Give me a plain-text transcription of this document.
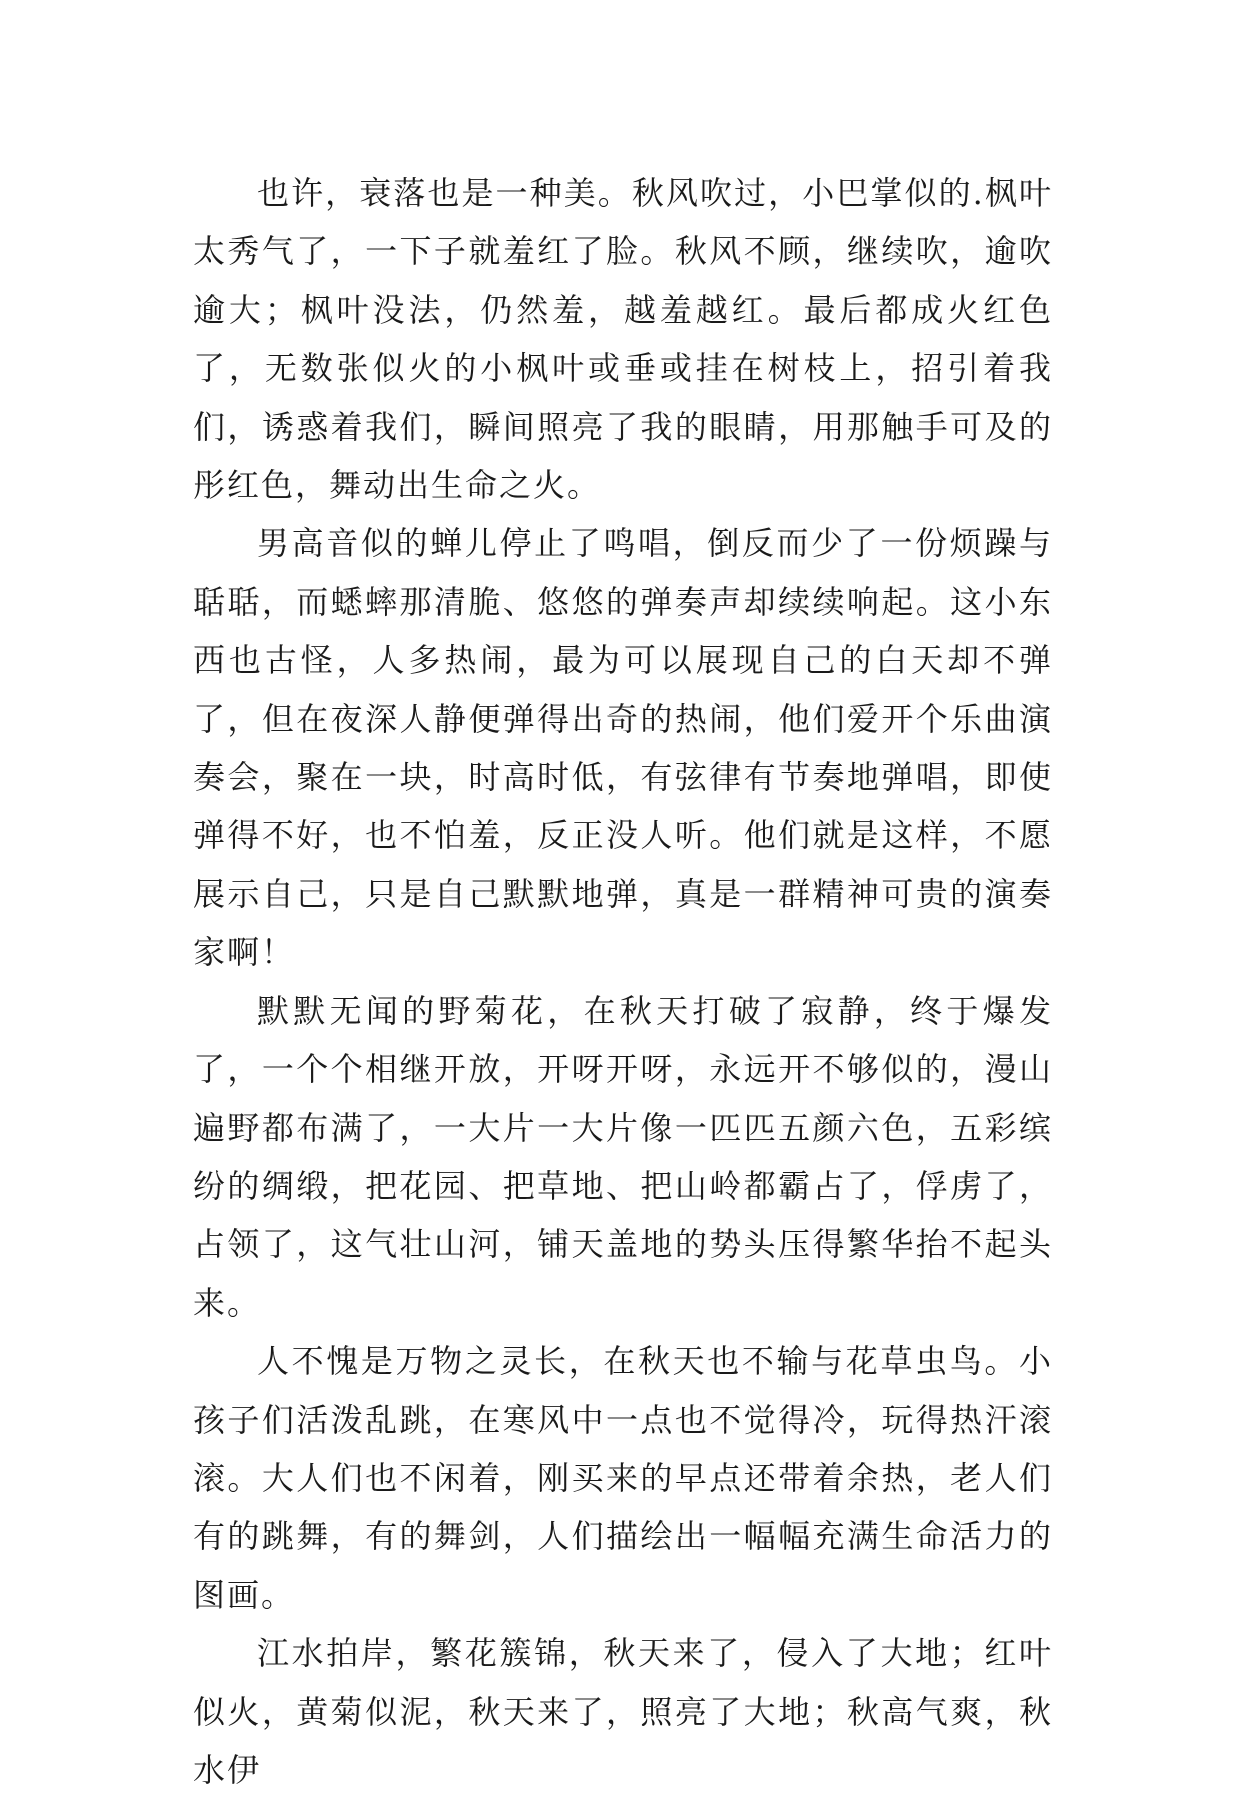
也许，衰落也是一种美。秋风吹过，小巴掌似的.枫叶太秀气了，一下子就羞红了脸。秋风不顾，继续吹，逾吹逾大；枫叶没法，仍然羞，越羞越红。最后都成火红色了，无数张似火的小枫叶或垂或挂在树枝上，招引着我们，诱惑着我们，瞬间照亮了我的眼睛，用那触手可及的彤红色，舞动出生命之火。

男高音似的蝉儿停止了鸣唱，倒反而少了一份烦躁与聒聒，而蟋蟀那清脆、悠悠的弹奏声却续续响起。这小东西也古怪，人多热闹，最为可以展现自己的白天却不弹了，但在夜深人静便弹得出奇的热闹，他们爱开个乐曲演奏会，聚在一块，时高时低，有弦律有节奏地弹唱，即使弹得不好，也不怕羞，反正没人听。他们就是这样，不愿展示自己，只是自己默默地弹，真是一群精神可贵的演奏家啊！

默默无闻的野菊花，在秋天打破了寂静，终于爆发了，一个个相继开放，开呀开呀，永远开不够似的，漫山遍野都布满了，一大片一大片像一匹匹五颜六色，五彩缤纷的绸缎，把花园、把草地、把山岭都霸占了，俘虏了，占领了，这气壮山河，铺天盖地的势头压得繁华抬不起头来。

人不愧是万物之灵长，在秋天也不输与花草虫鸟。小孩子们活泼乱跳，在寒风中一点也不觉得冷，玩得热汗滚滚。大人们也不闲着，刚买来的早点还带着余热，老人们有的跳舞，有的舞剑，人们描绘出一幅幅充满生命活力的图画。

江水拍岸，繁花簇锦，秋天来了，侵入了大地；红叶似火，黄菊似泥，秋天来了，照亮了大地；秋高气爽，秋水伊
